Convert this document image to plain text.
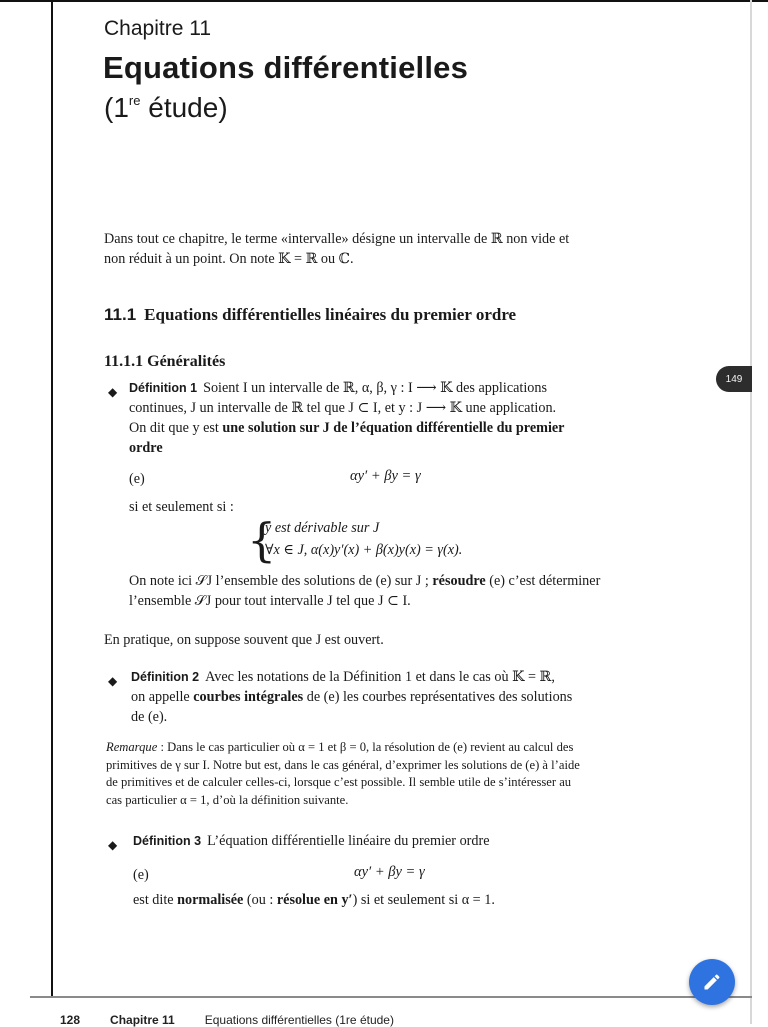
Chapitre 11
Equations différentielles
(1re étude)
Dans tout ce chapitre, le terme «intervalle» désigne un intervalle de ℝ non vide et
non réduit à un point. On note 𝕂 = ℝ ou ℂ.
11.1 Equations différentielles linéaires du premier ordre
11.1.1 Généralités
◆ Définition 1 Soient I un intervalle de ℝ, α, β, γ : I ⟶ 𝕂 des applications
continues, J un intervalle de ℝ tel que J ⊂ I, et y : J ⟶ 𝕂 une application.
On dit que y est une solution sur J de l’équation différentielle du premier
ordre
(e)	αy′ + βy = γ
si et seulement si :
{
y est dérivable sur J
∀x ∈ J, α(x)y′(x) + β(x)y(x) = γ(x).
On note ici 𝒮J l’ensemble des solutions de (e) sur J ; résoudre (e) c’est déterminer
l’ensemble 𝒮J pour tout intervalle J tel que J ⊂ I.
En pratique, on suppose souvent que J est ouvert.
◆ Définition 2 Avec les notations de la Définition 1 et dans le cas où 𝕂 = ℝ,
on appelle courbes intégrales de (e) les courbes représentatives des solutions
de (e).
Remarque : Dans le cas particulier où α = 1 et β = 0, la résolution de (e) revient au calcul des
primitives de γ sur I. Notre but est, dans le cas général, d’exprimer les solutions de (e) à l’aide
de primitives et de calculer celles-ci, lorsque c’est possible. Il semble utile de s’intéresser au
cas particulier α = 1, d’où la définition suivante.
◆ Définition 3 L’équation différentielle linéaire du premier ordre
(e)	αy′ + βy = γ
est dite normalisée (ou : résolue en y′) si et seulement si α = 1.
149
128	Chapitre 11	Equations différentielles (1re étude)
